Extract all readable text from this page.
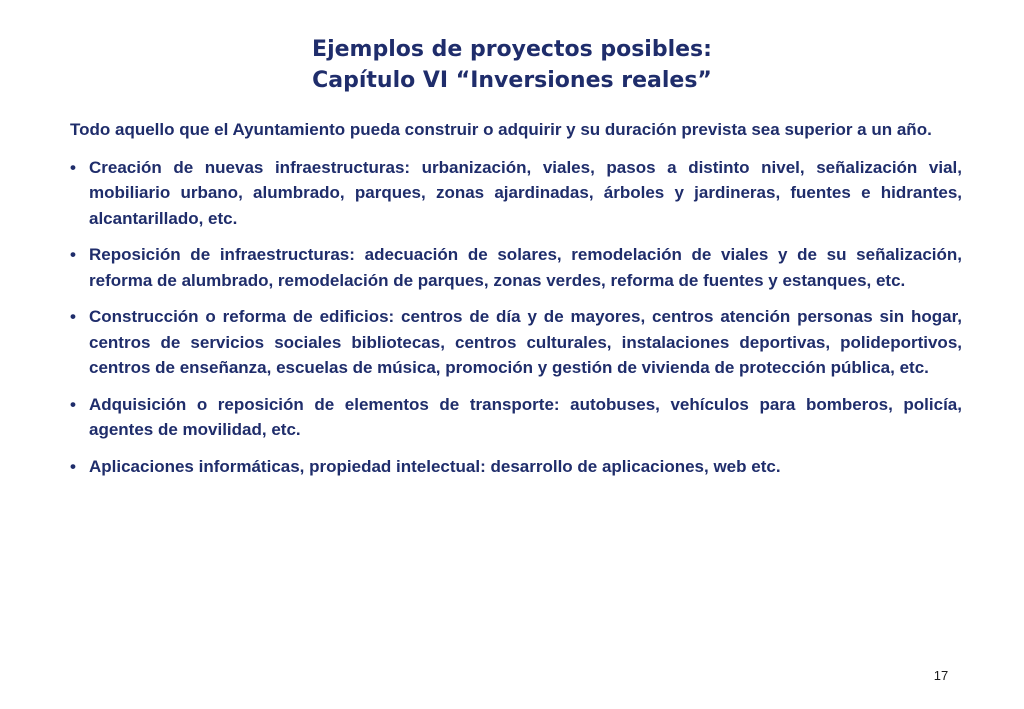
Ejemplos de proyectos posibles:
Capítulo VI “Inversiones reales”

Todo aquello que el Ayuntamiento pueda construir o adquirir y su duración prevista sea superior a un año.

• Creación de nuevas infraestructuras: urbanización, viales, pasos a distinto nivel, señalización vial, mobiliario urbano, alumbrado, parques, zonas ajardinadas, árboles y jardineras, fuentes e hidrantes, alcantarillado, etc.
• Reposición de infraestructuras: adecuación de solares, remodelación de viales y de su señalización, reforma de alumbrado, remodelación de parques, zonas verdes, reforma de fuentes y estanques, etc.
• Construcción o reforma de edificios: centros de día y de mayores, centros atención personas sin hogar, centros de servicios sociales bibliotecas, centros culturales, instalaciones deportivas, polideportivos, centros de enseñanza, escuelas de música, promoción y gestión de vivienda de protección pública, etc.
• Adquisición o reposición de elementos de transporte: autobuses, vehículos para bomberos, policía, agentes de movilidad, etc.
• Aplicaciones informáticas, propiedad intelectual: desarrollo de aplicaciones, web etc.
17
